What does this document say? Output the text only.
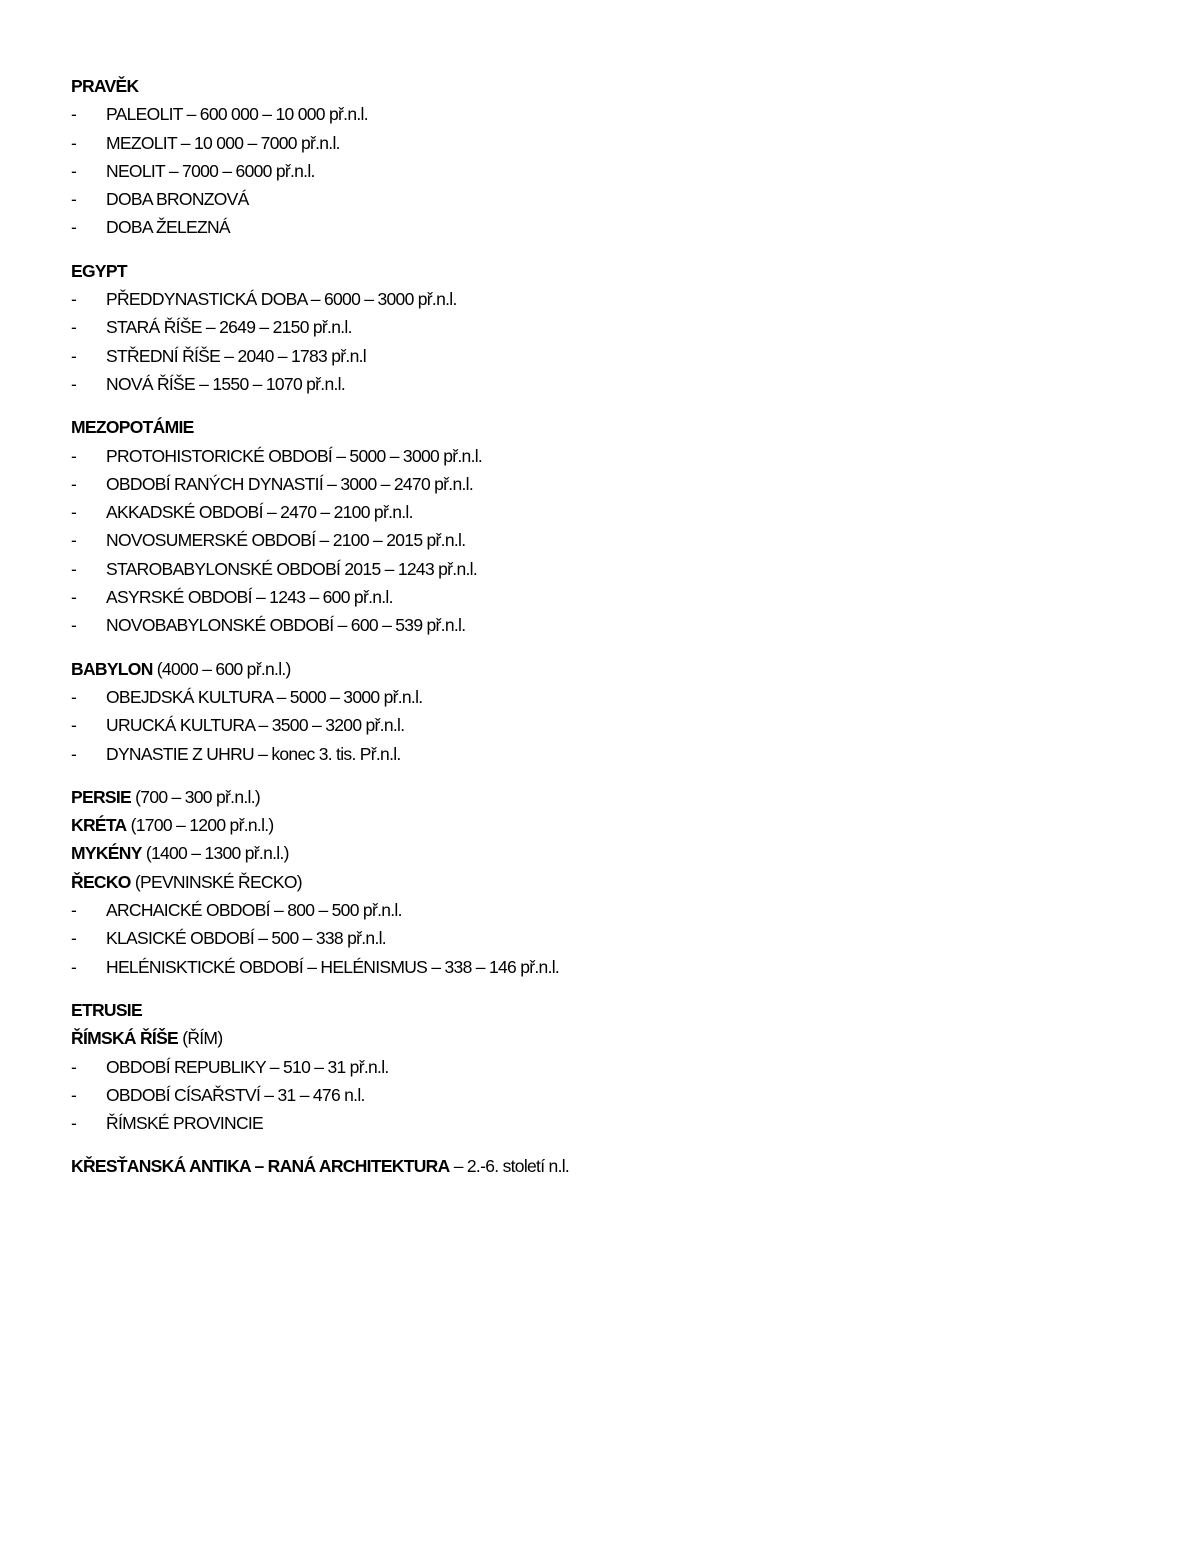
PRAVĚK
- PALEOLIT – 600 000 – 10 000 př.n.l.
- MEZOLIT – 10 000 – 7000 př.n.l.
- NEOLIT – 7000 – 6000 př.n.l.
- DOBA BRONZOVÁ
- DOBA ŽELEZNÁ
EGYPT
- PŘEDDYNASTICKÁ DOBA – 6000 – 3000 př.n.l.
- STARÁ ŘÍŠE – 2649 – 2150 př.n.l.
- STŘEDNÍ ŘÍŠE – 2040 – 1783 př.n.l
- NOVÁ ŘÍŠE – 1550 – 1070 př.n.l.
MEZOPOTÁMIE
- PROTOHISTORICKÉ OBDOBÍ – 5000 – 3000 př.n.l.
- OBDOBÍ RANÝCH DYNASTIÍ – 3000 – 2470 př.n.l.
- AKKADSKÉ OBDOBÍ – 2470 – 2100 př.n.l.
- NOVOSUMERSKÉ OBDOBÍ – 2100 – 2015 př.n.l.
- STAROBABYLONSKÉ OBDOBÍ 2015 – 1243 př.n.l.
- ASYRSKÉ OBDOBÍ – 1243 – 600 př.n.l.
- NOVOBABYLONSKÉ OBDOBÍ – 600 – 539 př.n.l.
BABYLON (4000 – 600 př.n.l.)
- OBEJDSKÁ KULTURA – 5000 – 3000 př.n.l.
- URUCKÁ KULTURA – 3500 – 3200 př.n.l.
- DYNASTIE Z UHRU – konec 3. tis. Př.n.l.
PERSIE (700 – 300 př.n.l.)
KRÉTA (1700 – 1200 př.n.l.)
MYKÉNY (1400 – 1300 př.n.l.)
ŘECKO (PEVNINSKÉ ŘECKO)
- ARCHAICKÉ OBDOBÍ – 800 – 500 př.n.l.
- KLASICKÉ OBDOBÍ – 500 – 338 př.n.l.
- HELÉNISKTICKÉ OBDOBÍ – HELÉNISMUS – 338 – 146 př.n.l.
ETRUSIE
ŘÍMSKÁ ŘÍŠE (ŘÍM)
- OBDOBÍ REPUBLIKY – 510 – 31 př.n.l.
- OBDOBÍ CÍSAŘSTVÍ – 31 – 476 n.l.
- ŘÍMSKÉ PROVINCIE
KŘESŤANSKÁ ANTIKA – RANÁ ARCHITEKTURA – 2.-6. století n.l.
